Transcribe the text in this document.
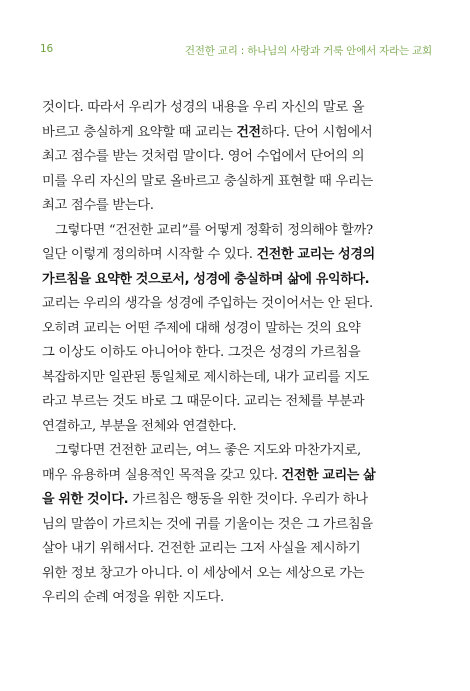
16	건전한 교리 : 하나님의 사랑과 거룩 안에서 자라는 교회
것이다. 따라서 우리가 성경의 내용을 우리 자신의 말로 올
바르고 충실하게 요약할 때 교리는 건전하다. 단어 시험에서
최고 점수를 받는 것처럼 말이다. 영어 수업에서 단어의 의
미를 우리 자신의 말로 올바르고 충실하게 표현할 때 우리는
최고 점수를 받는다.
그렇다면 “건전한 교리”를 어떻게 정확히 정의해야 할까?
일단 이렇게 정의하며 시작할 수 있다. 건전한 교리는 성경의
가르침을 요약한 것으로서, 성경에 충실하며 삶에 유익하다.
교리는 우리의 생각을 성경에 주입하는 것이어서는 안 된다.
오히려 교리는 어떤 주제에 대해 성경이 말하는 것의 요약
그 이상도 이하도 아니어야 한다. 그것은 성경의 가르침을
복잡하지만 일관된 통일체로 제시하는데, 내가 교리를 지도
라고 부르는 것도 바로 그 때문이다. 교리는 전체를 부분과
연결하고, 부분을 전체와 연결한다.
그렇다면 건전한 교리는, 여느 좋은 지도와 마찬가지로,
매우 유용하며 실용적인 목적을 갖고 있다. 건전한 교리는 삶
을 위한 것이다. 가르침은 행동을 위한 것이다. 우리가 하나
님의 말씀이 가르치는 것에 귀를 기울이는 것은 그 가르침을
살아 내기 위해서다. 건전한 교리는 그저 사실을 제시하기
위한 정보 창고가 아니다. 이 세상에서 오는 세상으로 가는
우리의 순례 여정을 위한 지도다.
